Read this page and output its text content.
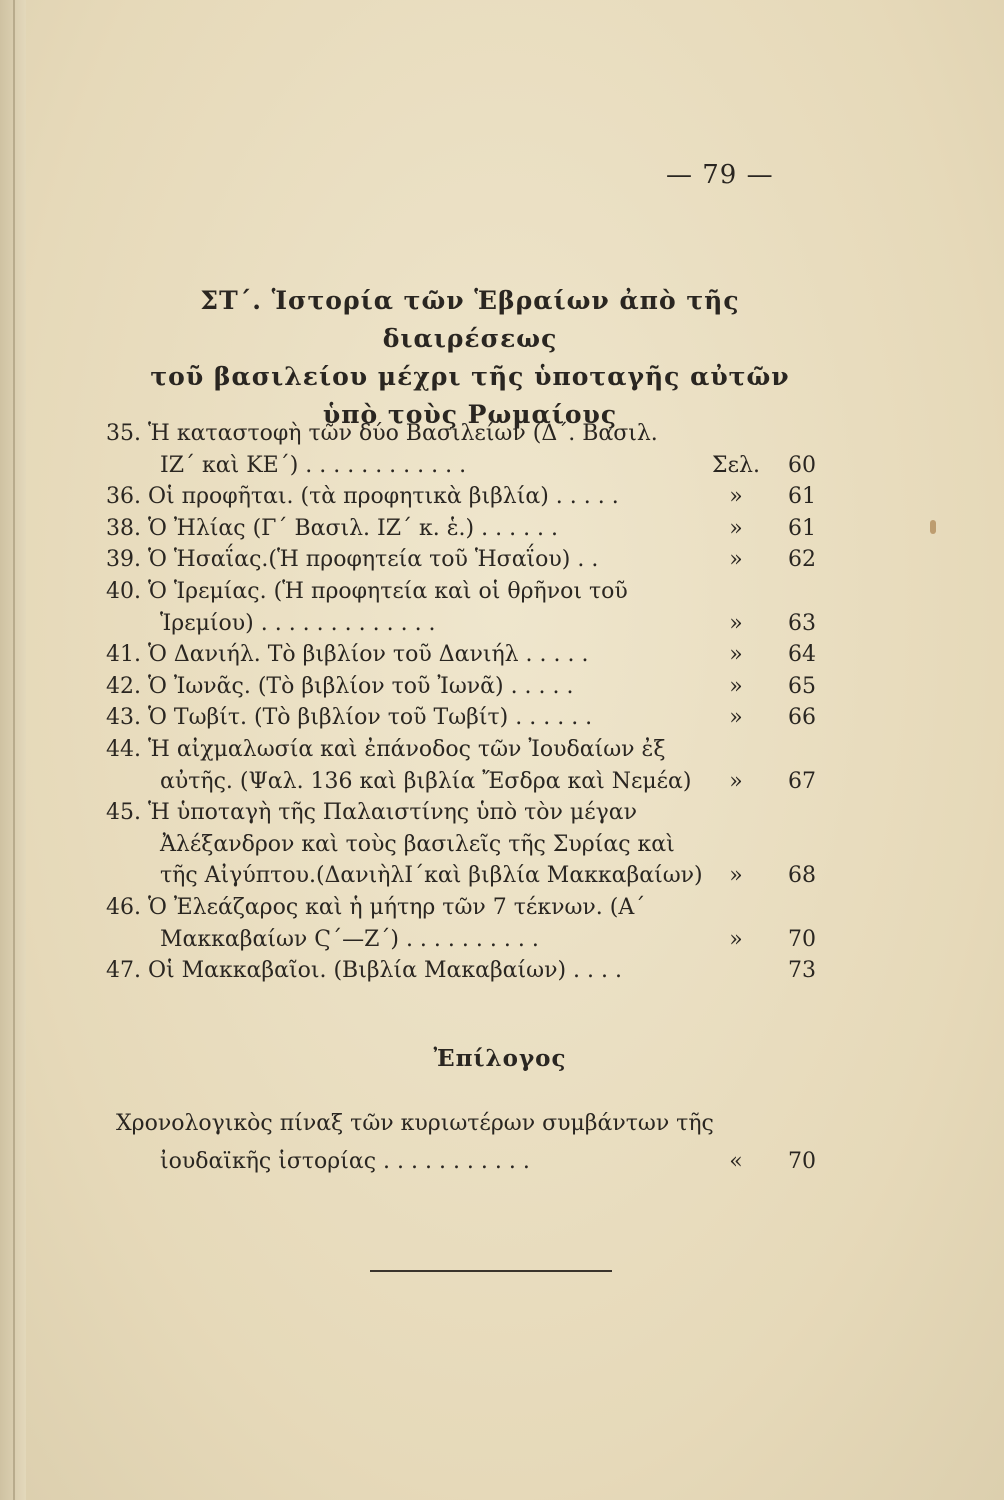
— 79 —
ΣΤ΄. Ἱστορία τῶν Ἑβραίων ἀπὸ τῆς διαιρέσεως
τοῦ βασιλείου μέχρι τῆς ὑποταγῆς αὐτῶν
ὑπὸ τοὺς Ρωμαίους
35. Ἡ καταστοφὴ τῶν δύο Βασιλείων (Δ΄. Βασιλ.
ΙΖ΄ καὶ ΚΕ΄) . . . . . . . . . . . .	Σελ.	60
36. Οἱ προφῆται. (τὰ προφητικὰ βιβλία) . . . . .	»	61
38. Ὁ Ἠλίας (Γ΄ Βασιλ. ΙΖ΄ κ. ἑ.) . . . . . .	»	61
39. Ὁ Ἡσαΐας.(Ἡ προφητεία τοῦ Ἡσαΐου) . .	»	62
40. Ὁ Ἱρεμίας. (Ἡ προφητεία καὶ οἱ θρῆνοι τοῦ
Ἱρεμίου) . . . . . . . . . . . . .	»	63
41. Ὁ Δανιήλ. Τὸ βιβλίον τοῦ Δανιήλ . . . . .	»	64
42. Ὁ Ἰωνᾶς. (Τὸ βιβλίον τοῦ Ἰωνᾶ) . . . . .	»	65
43. Ὁ Τωβίτ. (Τὸ βιβλίον τοῦ Τωβίτ) . . . . . .	»	66
44. Ἡ αἰχμαλωσία καὶ ἐπάνοδος τῶν Ἰουδαίων ἐξ
αὐτῆς. (Ψαλ. 136 καὶ βιβλία Ἔσδρα καὶ Νεμέα)	»	67
45. Ἡ ὑποταγὴ τῆς Παλαιστίνης ὑπὸ τὸν μέγαν
Ἀλέξανδρον καὶ τοὺς βασιλεῖς τῆς Συρίας καὶ
τῆς Αἰγύπτου.(ΔανιὴλΙ΄καὶ βιβλία Μακκαβαίων)	»	68
46. Ὁ Ἐλεάζαρος καὶ ἡ μήτηρ τῶν 7 τέκνων. (Α΄
Μακκαβαίων Ϛ΄—Ζ΄) . . . . . . . . . .	»	70
47. Οἱ Μακκαβαῖοι. (Βιβλία Μακαβαίων) . . . .	73
Ἐπίλογος
Χρονολογικὸς πίναξ τῶν κυριωτέρων συμβάντων τῆς
ἰουδαϊκῆς ἱστορίας . . . . . . . . . . .	«	70
